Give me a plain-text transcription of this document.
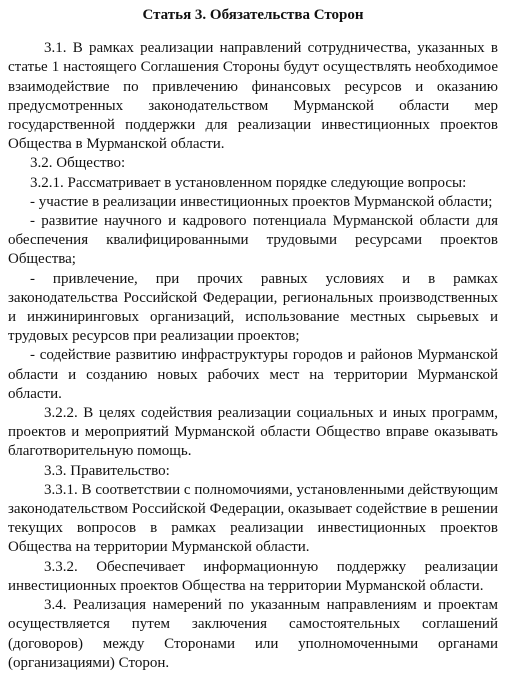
Статья 3. Обязательства Сторон

3.1. В рамках реализации направлений сотрудничества, указанных в статье 1 настоящего Соглашения Стороны будут осуществлять необходимое взаимодействие по привлечению финансовых ресурсов и оказанию предусмотренных законодательством Мурманской области мер государственной поддержки для реализации инвестиционных проектов Общества в Мурманской области.

3.2. Общество:

3.2.1. Рассматривает в установленном порядке следующие вопросы:

- участие в реализации инвестиционных проектов Мурманской области;

- развитие научного и кадрового потенциала Мурманской области для обеспечения квалифицированными трудовыми ресурсами проектов Общества;

- привлечение, при прочих равных условиях и в рамках законодательства Российской Федерации, региональных производственных и инжиниринговых организаций, использование местных сырьевых и трудовых ресурсов при реализации проектов;

- содействие развитию инфраструктуры городов и районов Мурманской области и созданию новых рабочих мест на территории Мурманской области.

3.2.2. В целях содействия реализации социальных и иных программ, проектов и мероприятий Мурманской области Общество вправе оказывать благотворительную помощь.

3.3. Правительство:

3.3.1. В соответствии с полномочиями, установленными действующим законодательством Российской Федерации, оказывает содействие в решении текущих вопросов в рамках реализации инвестиционных проектов Общества на территории Мурманской области.

3.3.2. Обеспечивает информационную поддержку реализации инвестиционных проектов Общества на территории Мурманской области.

3.4. Реализация намерений по указанным направлениям и проектам осуществляется путем заключения самостоятельных соглашений (договоров) между Сторонами или уполномоченными органами (организациями) Сторон.
